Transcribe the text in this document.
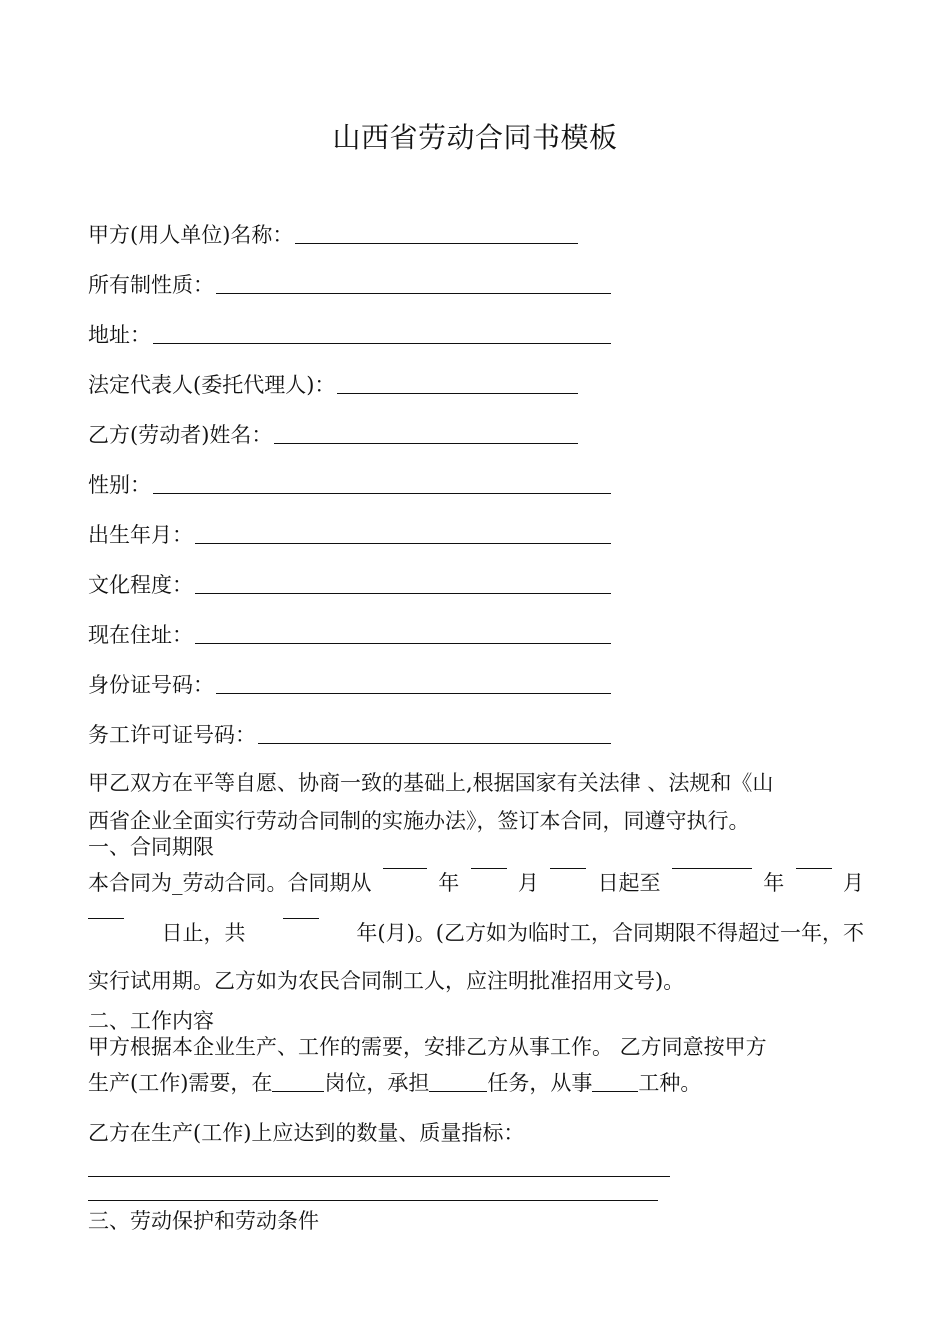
山西省劳动合同书模板
甲方(用人单位)名称：
所有制性质：
地址：
法定代表人(委托代理人)：
乙方(劳动者)姓名：
性别：
出生年月：
文化程度：
现在住址：
身份证号码：
务工许可证号码：
甲乙双方在平等自愿、协商一致的基础上,根据国家有关法律 、法规和《山
西省企业全面实行劳动合同制的实施办法》，签订本合同，同遵守执行。
一、合同期限
本合同为_劳动合同。合同期从	年	月	日起至	年	月
日止，共	年(月)。(乙方如为临时工，合同期限不得超过一年，不
实行试用期。乙方如为农民合同制工人，应注明批准招用文号)。
二、工作内容
甲方根据本企业生产、工作的需要，安排乙方从事工作。 乙方同意按甲方
生产(工作)需要，在 岗位，承担	任务，从事 工种。
乙方在生产(工作)上应达到的数量、质量指标：
三、劳动保护和劳动条件
